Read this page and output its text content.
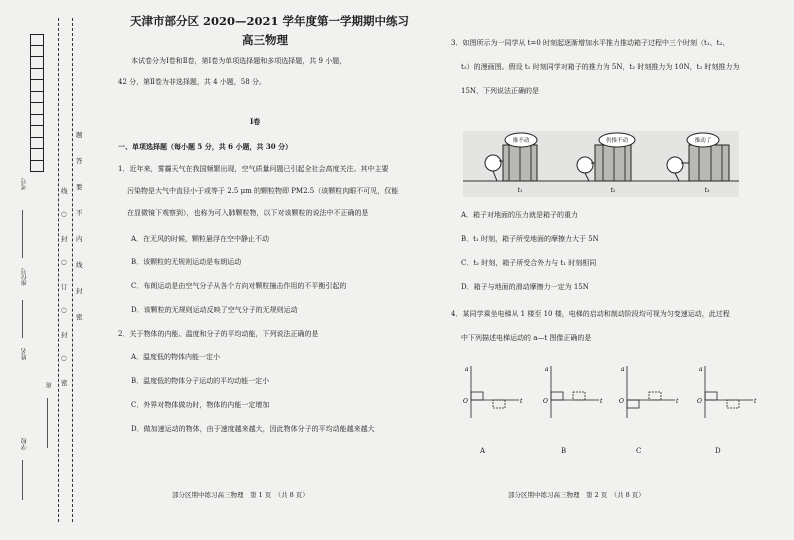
考号
座位号
姓名
班
学校
线
○
封
○
订
○
封
○
密
题
答
要
不
内
线
封
密
天津市部分区 2020—2021 学年度第一学期期中练习
高三物理
本试卷分为Ⅰ卷和Ⅱ卷，第Ⅰ卷为单项选择题和多项选择题，共 9 小题，
42 分，第Ⅱ卷为非选择题，共 4 小题，58 分。
Ⅰ卷
一、单项选择题（每小题 5 分，共 6 小题，共 30 分）
1．近年来，雾霾天气在我国频繁出现，空气质量问题已引起全社会高度关注。其中主要
污染物是大气中直径小于或等于 2.5 μm 的颗粒物即 PM2.5（该颗粒肉眼不可见，仅能
在显微镜下观察到），也称为可入肺颗粒物，以下对该颗粒的说法中不正确的是
A．在无风的时候，颗粒悬浮在空中静止不动
B．该颗粒的无规则运动是布朗运动
C．布朗运动是由空气分子从各个方向对颗粒撞击作用的不平衡引起的
D．该颗粒的无规则运动反映了空气分子的无规则运动
2．关于物体的内能、温度和分子的平均动能，下列说法正确的是
A．温度低的物体内能一定小
B．温度低的物体分子运动的平均动能一定小
C．外界对物体做功时，物体的内能一定增加
D．做加速运动的物体，由于速度越来越大，因此物体分子的平均动能越来越大
部分区期中练习高三物理　第 1 页　（共 8 页）
3．如图所示为一同学从 t=0 时刻起逐渐增加水平推力推动箱子过程中三个时刻（t₁、t₂、
t₃）的漫画图。假设 t₁ 时刻同学对箱子的推力为 5N，t₂ 时刻推力为 10N，t₃ 时刻推力为
15N，下列说法正确的是
推不动	仍推不动	推动了
t₁	t₂	t₃
A．箱子对地面的压力就是箱子的重力
B．t₁ 时刻，箱子所受地面的摩擦力大于 5N
C．t₂ 时刻，箱子所受合外力与 t₁ 时刻相同
D．箱子与地面的滑动摩擦力一定为 15N
4．某同学乘坐电梯从 1 楼至 10 楼，电梯的启动和制动阶段均可视为匀变速运动，此过程
中下列描述电梯运动的 a—t 图像正确的是
a
t
O
a
t
O
a
t
O
a
t
O
A	B	C	D
部分区期中练习高三物理　第 2 页　（共 8 页）
